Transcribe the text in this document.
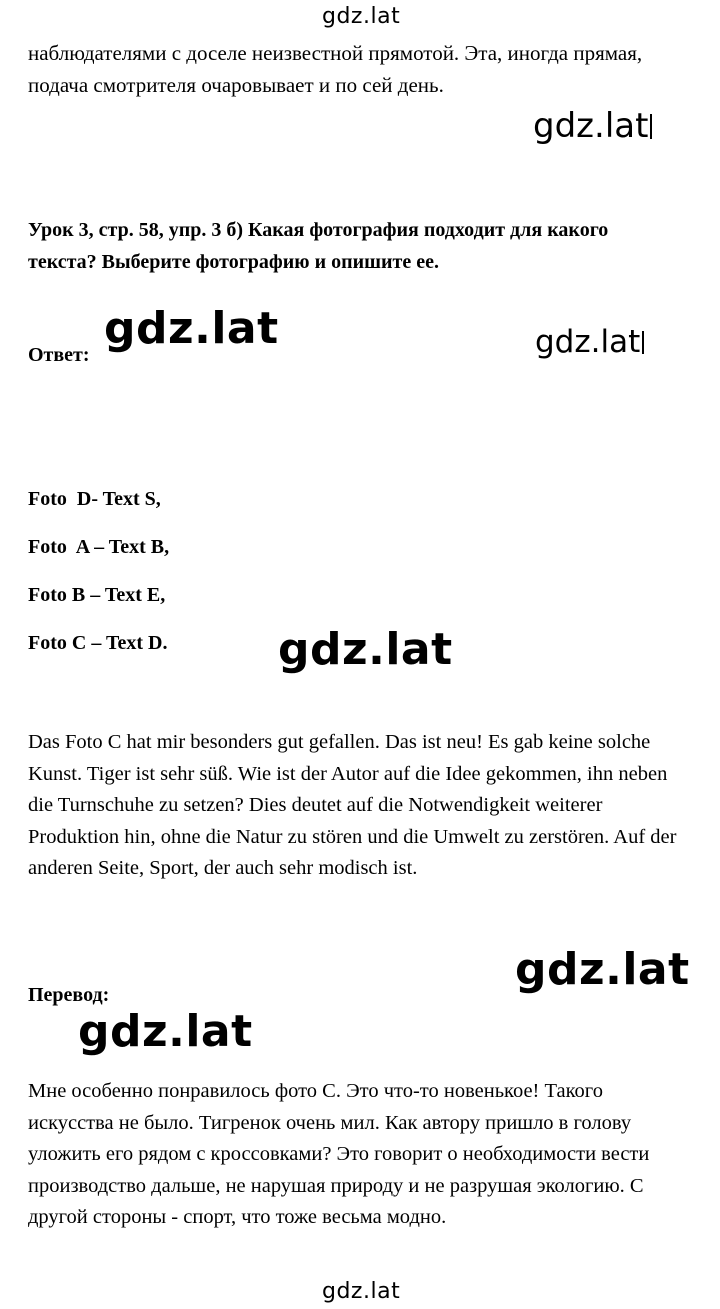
gdz.lat

наблюдателями с доселе неизвестной прямотой. Эта, иногда прямая, подача смотрителя очаровывает и по сей день.

gdz.lat

Урок 3, стр. 58, упр. 3 б) Какая фотография подходит для какого текста? Выберите фотографию и опишите ее.

Ответ:
gdz.lat	gdz.lat
Foto  D- Text S,
Foto  A – Text B,
Foto B – Text E,
Foto C – Text D.	gdz.lat

Das Foto C hat mir besonders gut gefallen. Das ist neu! Es gab keine solche Kunst. Tiger ist sehr süß. Wie ist der Autor auf die Idee gekommen, ihn neben die Turnschuhe zu setzen? Dies deutet auf die Notwendigkeit weiterer Produktion hin, ohne die Natur zu stören und die Umwelt zu zerstören. Auf der anderen Seite, Sport, der auch sehr modisch ist.

Перевод:	gdz.lat
gdz.lat

Мне особенно понравилось фото С. Это что-то новенькое! Такого искусства не было. Тигренок очень мил. Как автору пришло в голову уложить его рядом с кроссовками? Это говорит о необходимости вести производство дальше, не нарушая природу и не разрушая экологию. С другой стороны - спорт, что тоже весьма модно.

gdz.lat
